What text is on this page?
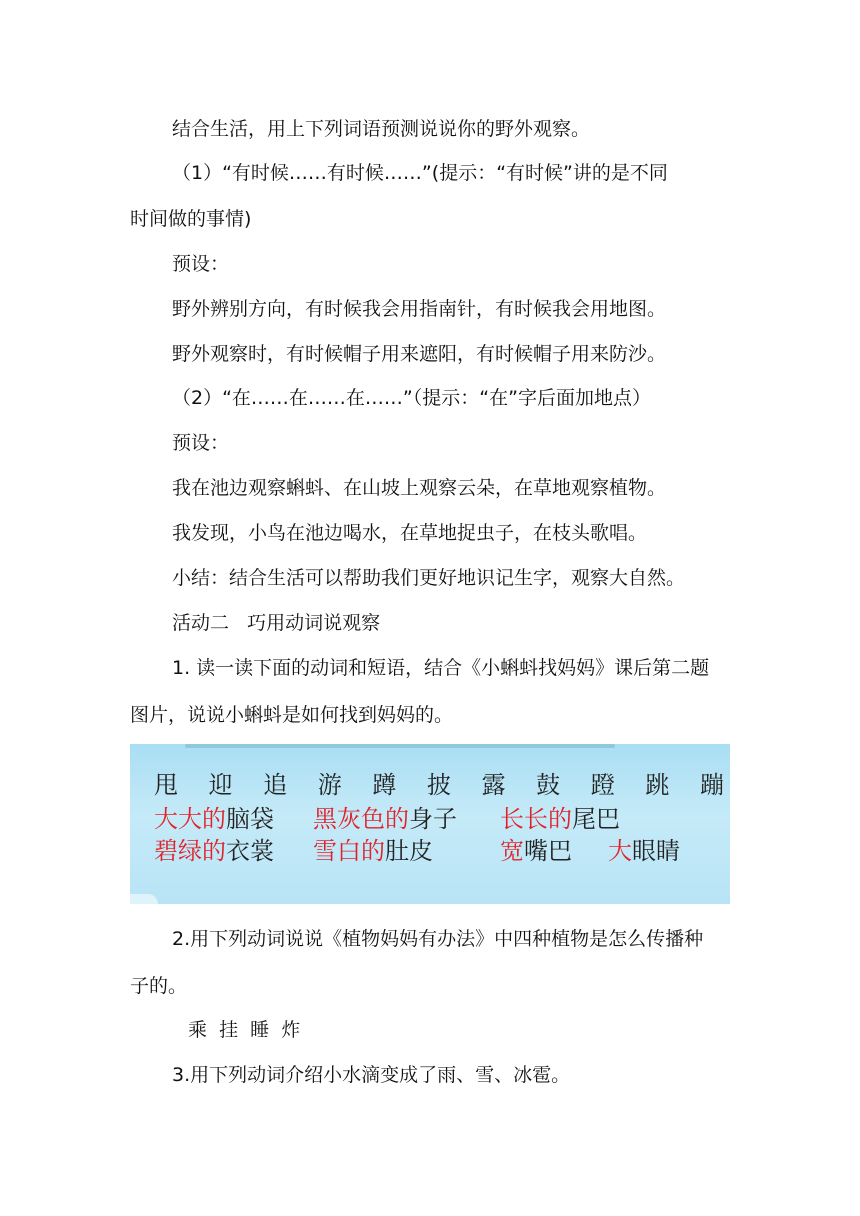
结合生活，用上下列词语预测说说你的野外观察。
（1）“有时候……有时候……”(提示：“有时候”讲的是不同
时间做的事情)
预设：
野外辨别方向，有时候我会用指南针，有时候我会用地图。
野外观察时，有时候帽子用来遮阳，有时候帽子用来防沙。
（2）“在……在……在……”（提示：“在”字后面加地点）
预设：
我在池边观察蝌蚪、在山坡上观察云朵，在草地观察植物。
我发现，小鸟在池边喝水，在草地捉虫子，在枝头歌唱。
小结：结合生活可以帮助我们更好地识记生字，观察大自然。
活动二   巧用动词说观察
1. 读一读下面的动词和短语，结合《小蝌蚪找妈妈》课后第二题
图片，说说小蝌蚪是如何找到妈妈的。
甩 迎 追 游 蹲 披 露 鼓 蹬 跳 蹦
大大的脑袋 黑灰色的身子 长长的尾巴
碧绿的衣裳 雪白的肚皮	宽嘴巴 大眼睛
2.用下列动词说说《植物妈妈有办法》中四种植物是怎么传播种
子的。
乘  挂  睡  炸
3.用下列动词介绍小水滴变成了雨、雪、冰雹。
